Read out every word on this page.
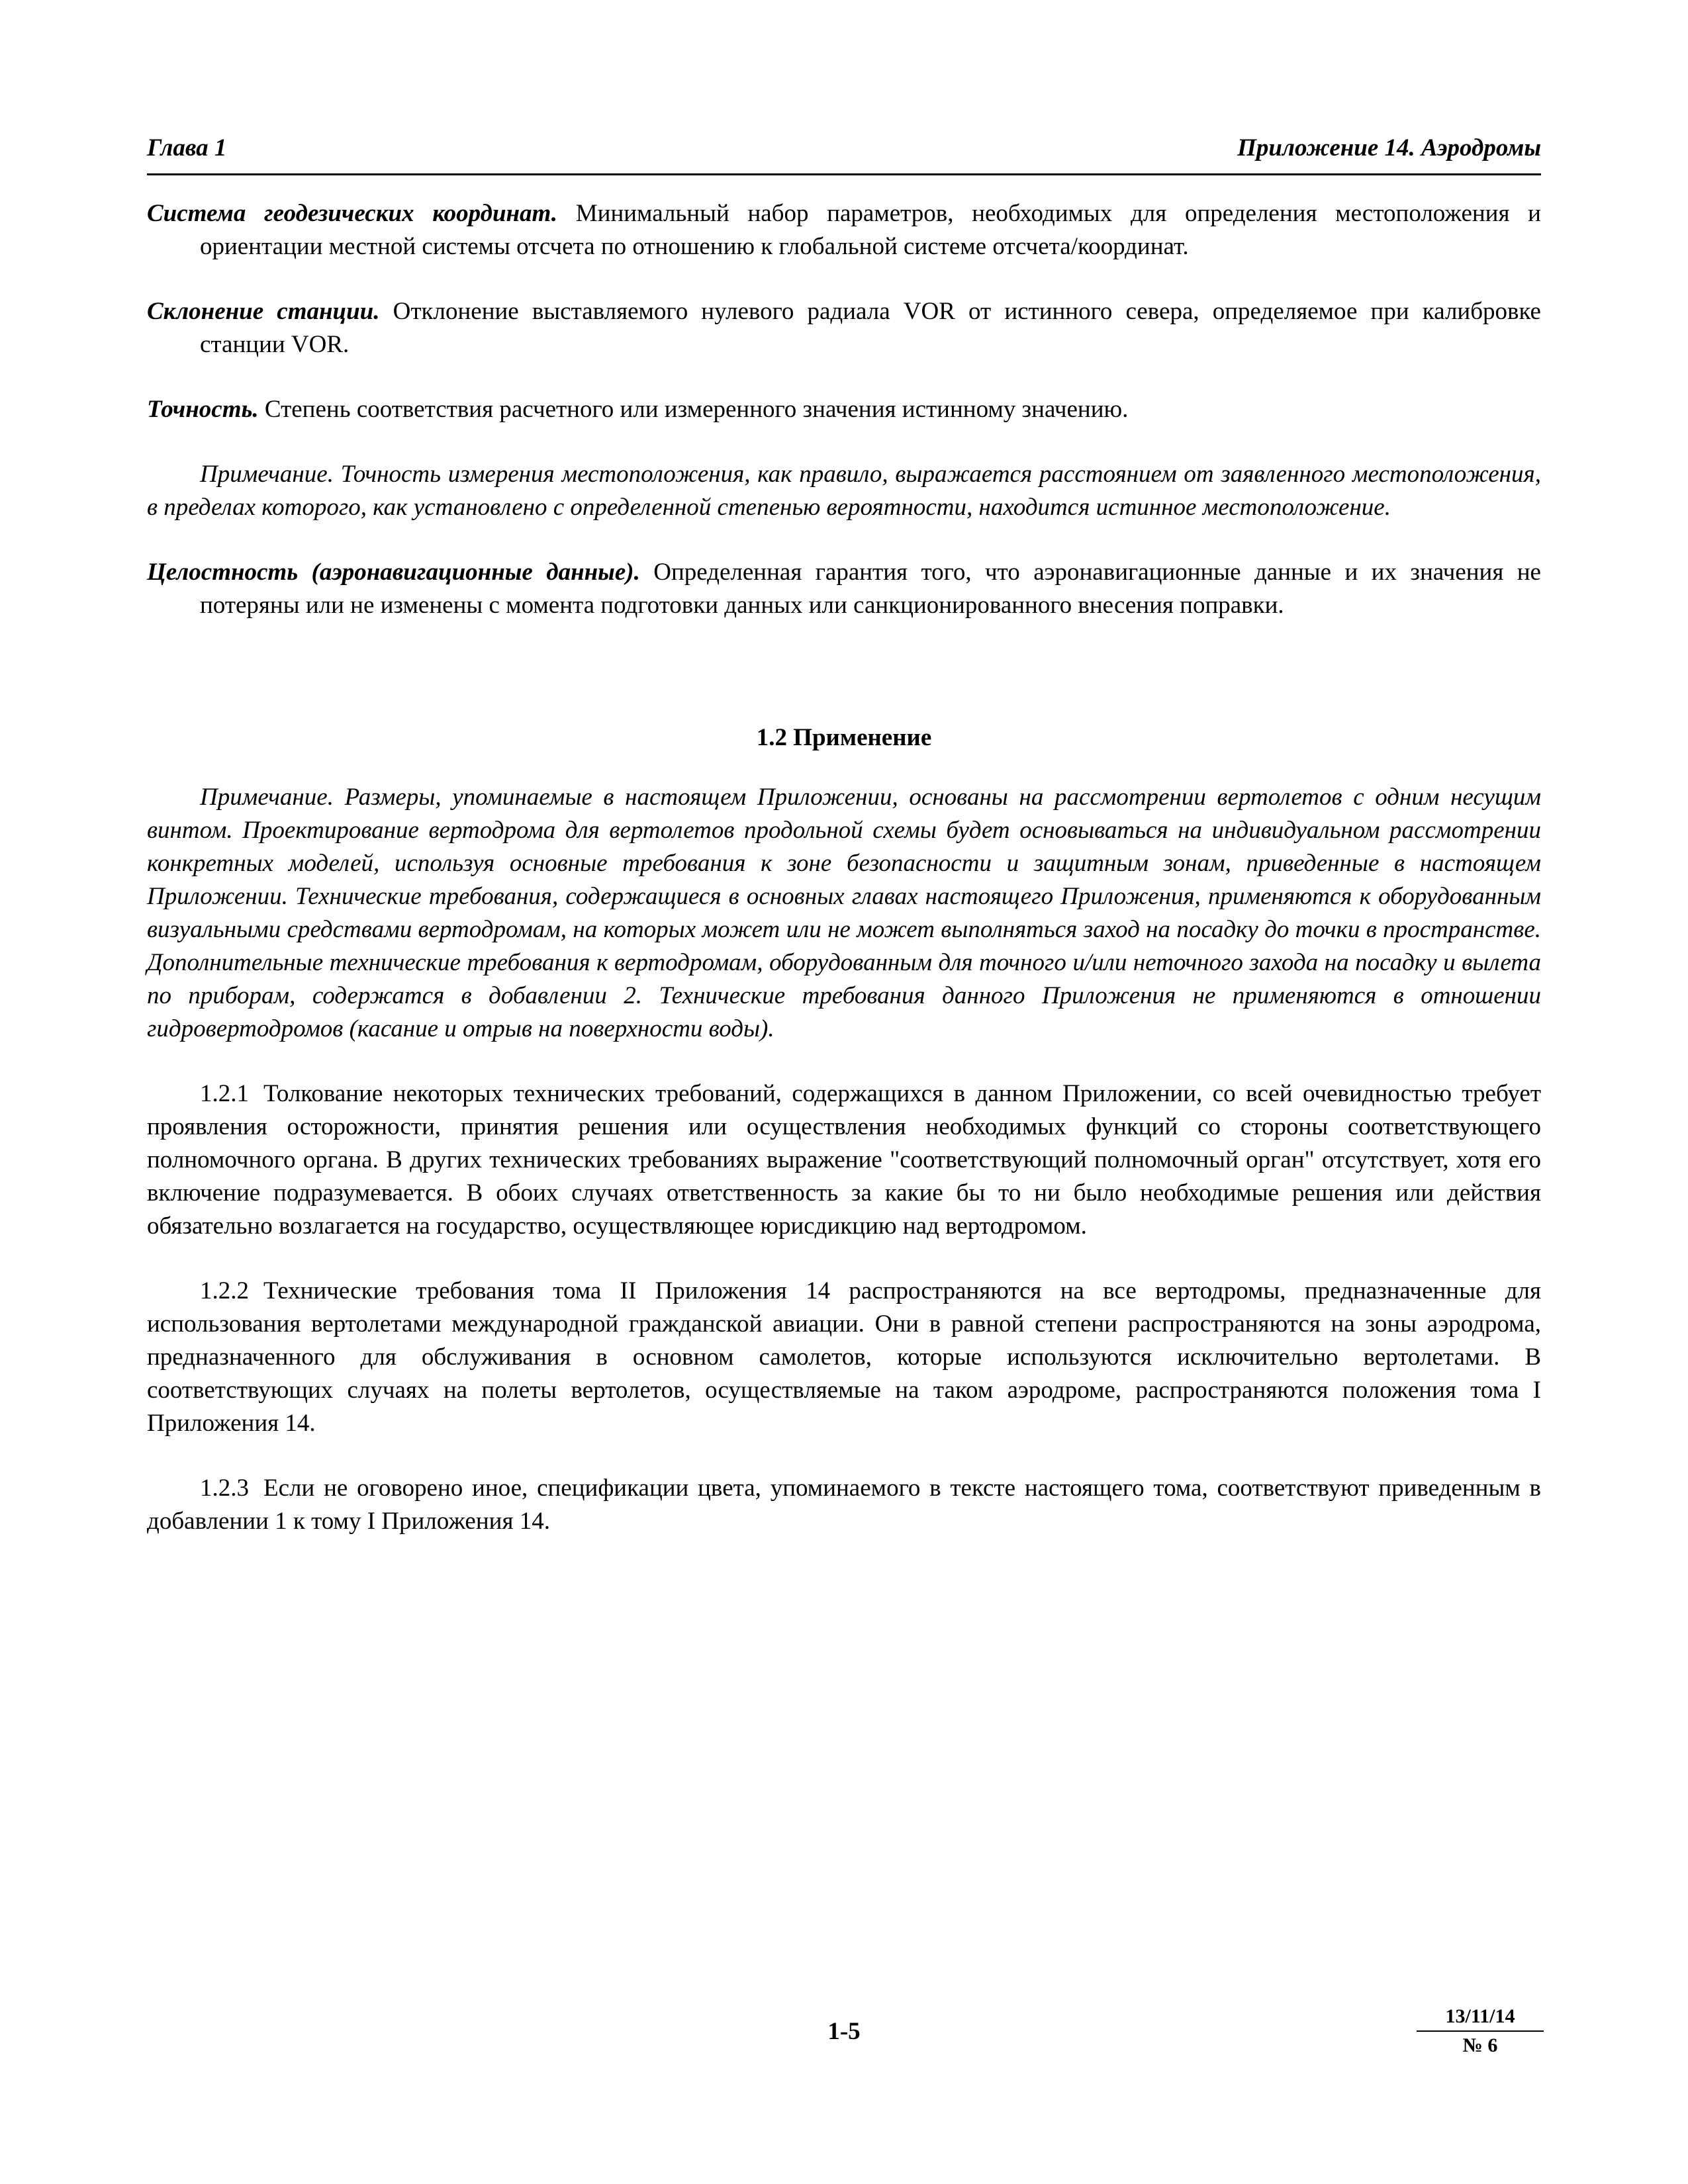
Глава 1	Приложение 14. Аэродромы

Система геодезических координат. Минимальный набор параметров, необходимых для определения местоположения и ориентации местной системы отсчета по отношению к глобальной системе отсчета/координат.

Склонение станции. Отклонение выставляемого нулевого радиала VOR от истинного севера, определяемое при калибровке станции VOR.

Точность. Степень соответствия расчетного или измеренного значения истинному значению.

Примечание. Точность измерения местоположения, как правило, выражается расстоянием от заявленного местоположения, в пределах которого, как установлено с определенной степенью вероятности, находится истинное местоположение.

Целостность (аэронавигационные данные). Определенная гарантия того, что аэронавигационные данные и их значения не потеряны или не изменены с момента подготовки данных или санкционированного внесения поправки.

1.2 Применение

Примечание. Размеры, упоминаемые в настоящем Приложении, основаны на рассмотрении вертолетов с одним несущим винтом. Проектирование вертодрома для вертолетов продольной схемы будет основываться на индивидуальном рассмотрении конкретных моделей, используя основные требования к зоне безопасности и защитным зонам, приведенные в настоящем Приложении. Технические требования, содержащиеся в основных главах настоящего Приложения, применяются к оборудованным визуальными средствами вертодромам, на которых может или не может выполняться заход на посадку до точки в пространстве. Дополнительные технические требования к вертодромам, оборудованным для точного и/или неточного захода на посадку и вылета по приборам, содержатся в добавлении 2. Технические требования данного Приложения не применяются в отношении гидровертодромов (касание и отрыв на поверхности воды).

1.2.1 Толкование некоторых технических требований, содержащихся в данном Приложении, со всей очевидностью требует проявления осторожности, принятия решения или осуществления необходимых функций со стороны соответствующего полномочного органа. В других технических требованиях выражение "соответствующий полномочный орган" отсутствует, хотя его включение подразумевается. В обоих случаях ответственность за какие бы то ни было необходимые решения или действия обязательно возлагается на государство, осуществляющее юрисдикцию над вертодромом.

1.2.2 Технические требования тома II Приложения 14 распространяются на все вертодромы, предназначенные для использования вертолетами международной гражданской авиации. Они в равной степени распространяются на зоны аэродрома, предназначенного для обслуживания в основном самолетов, которые используются исключительно вертолетами. В соответствующих случаях на полеты вертолетов, осуществляемые на таком аэродроме, распространяются положения тома I Приложения 14.

1.2.3 Если не оговорено иное, спецификации цвета, упоминаемого в тексте настоящего тома, соответствуют приведенным в добавлении 1 к тому I Приложения 14.

1-5
13/11/14
№ 6
